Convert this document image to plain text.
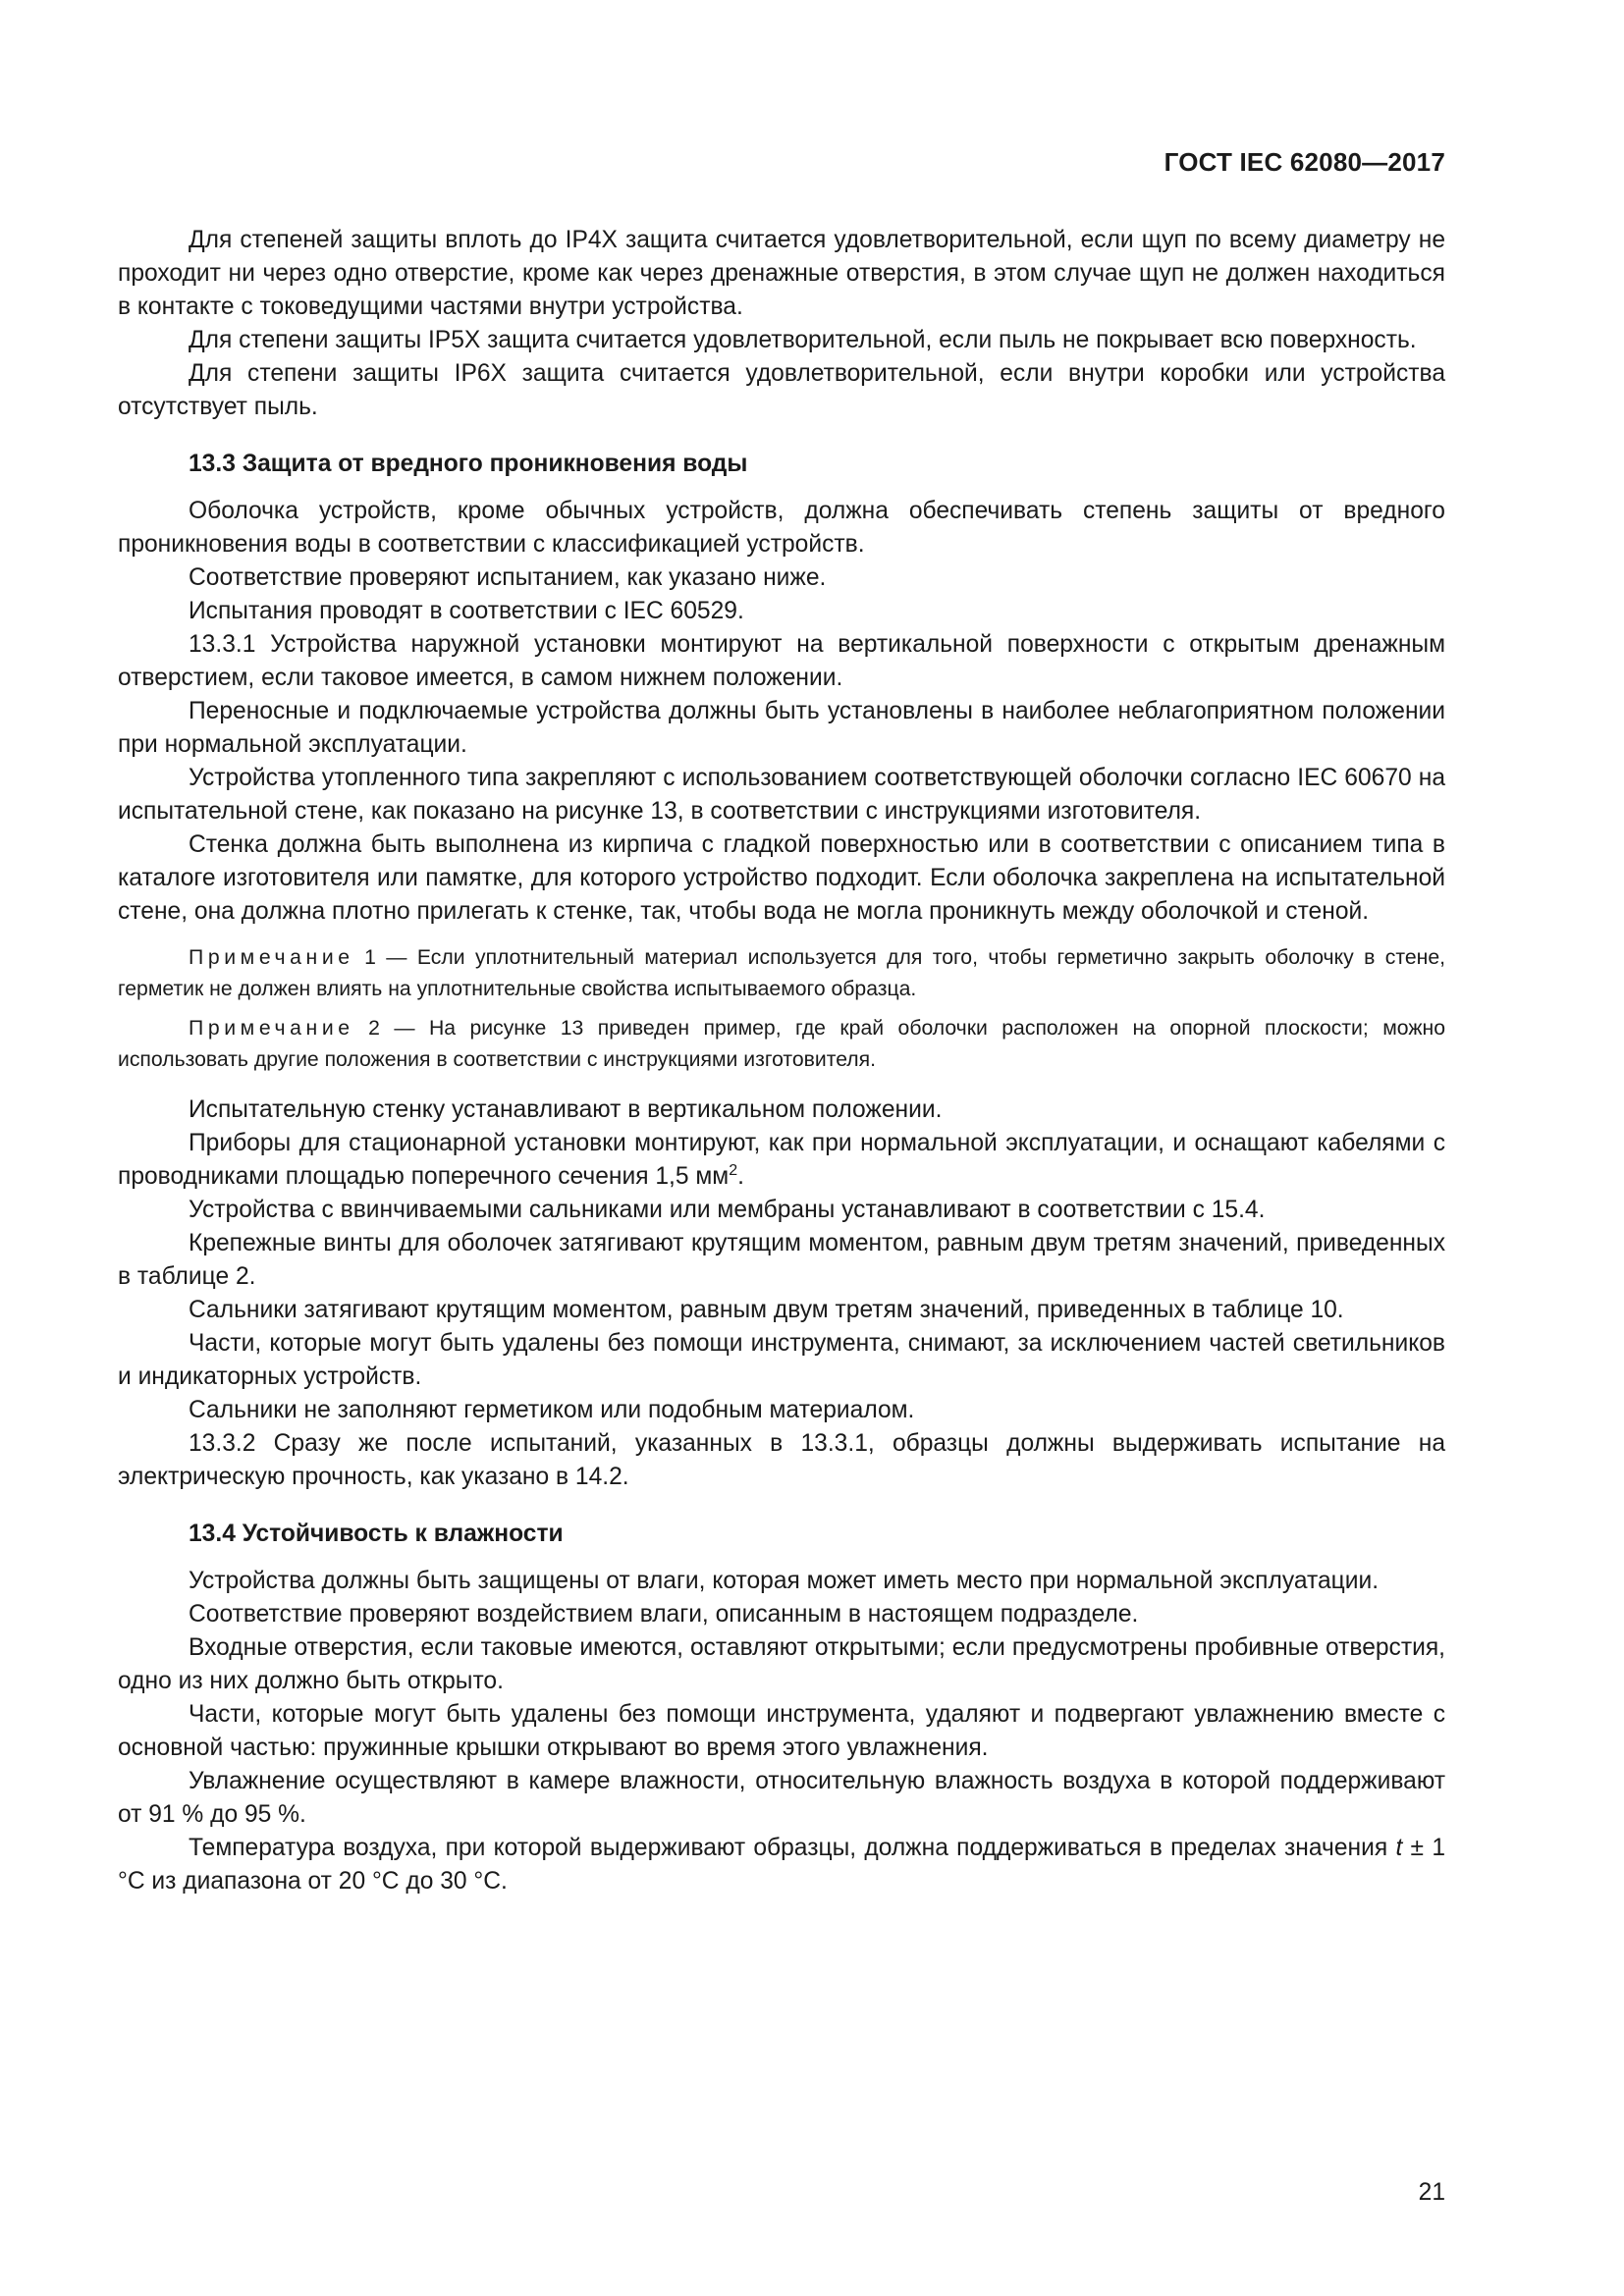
ГОСТ IEC 62080—2017

Для степеней защиты вплоть до IP4X защита считается удовлетворительной, если щуп по всему диаметру не проходит ни через одно отверстие, кроме как через дренажные отверстия, в этом случае щуп не должен находиться в контакте с токоведущими частями внутри устройства.

Для степени защиты IP5X защита считается удовлетворительной, если пыль не покрывает всю поверхность.

Для степени защиты IP6X защита считается удовлетворительной, если внутри коробки или устройства отсутствует пыль.

13.3 Защита от вредного проникновения воды

Оболочка устройств, кроме обычных устройств, должна обеспечивать степень защиты от вредного проникновения воды в соответствии с классификацией устройств.

Соответствие проверяют испытанием, как указано ниже.

Испытания проводят в соответствии с IEC 60529.

13.3.1 Устройства наружной установки монтируют на вертикальной поверхности с открытым дренажным отверстием, если таковое имеется, в самом нижнем положении.

Переносные и подключаемые устройства должны быть установлены в наиболее неблагоприятном положении при нормальной эксплуатации.

Устройства утопленного типа закрепляют с использованием соответствующей оболочки согласно IEC 60670 на испытательной стене, как показано на рисунке 13, в соответствии с инструкциями изготовителя.

Стенка должна быть выполнена из кирпича с гладкой поверхностью или в соответствии с описанием типа в каталоге изготовителя или памятке, для которого устройство подходит. Если оболочка закреплена на испытательной стене, она должна плотно прилегать к стенке, так, чтобы вода не могла проникнуть между оболочкой и стеной.

Примечание 1 — Если уплотнительный материал используется для того, чтобы герметично закрыть оболочку в стене, герметик не должен влиять на уплотнительные свойства испытываемого образца.
Примечание 2 — На рисунке 13 приведен пример, где край оболочки расположен на опорной плоскости; можно использовать другие положения в соответствии с инструкциями изготовителя.

Испытательную стенку устанавливают в вертикальном положении.

Приборы для стационарной установки монтируют, как при нормальной эксплуатации, и оснащают кабелями с проводниками площадью поперечного сечения 1,5 $мм^2$.

Устройства с ввинчиваемыми сальниками или мембраны устанавливают в соответствии с 15.4.

Крепежные винты для оболочек затягивают крутящим моментом, равным двум третям значений, приведенных в таблице 2.

Сальники затягивают крутящим моментом, равным двум третям значений, приведенных в таблице 10.

Части, которые могут быть удалены без помощи инструмента, снимают, за исключением частей светильников и индикаторных устройств.

Сальники не заполняют герметиком или подобным материалом.

13.3.2 Сразу же после испытаний, указанных в 13.3.1, образцы должны выдерживать испытание на электрическую прочность, как указано в 14.2.

13.4 Устойчивость к влажности

Устройства должны быть защищены от влаги, которая может иметь место при нормальной эксплуатации.

Соответствие проверяют воздействием влаги, описанным в настоящем подразделе.

Входные отверстия, если таковые имеются, оставляют открытыми; если предусмотрены пробивные отверстия, одно из них должно быть открыто.

Части, которые могут быть удалены без помощи инструмента, удаляют и подвергают увлажнению вместе с основной частью: пружинные крышки открывают во время этого увлажнения.

Увлажнение осуществляют в камере влажности, относительную влажность воздуха в которой поддерживают от 91 % до 95 %.

Температура воздуха, при которой выдерживают образцы, должна поддерживаться в пределах значения t ± 1 °C из диапазона от 20 °C до 30 °C.

21
